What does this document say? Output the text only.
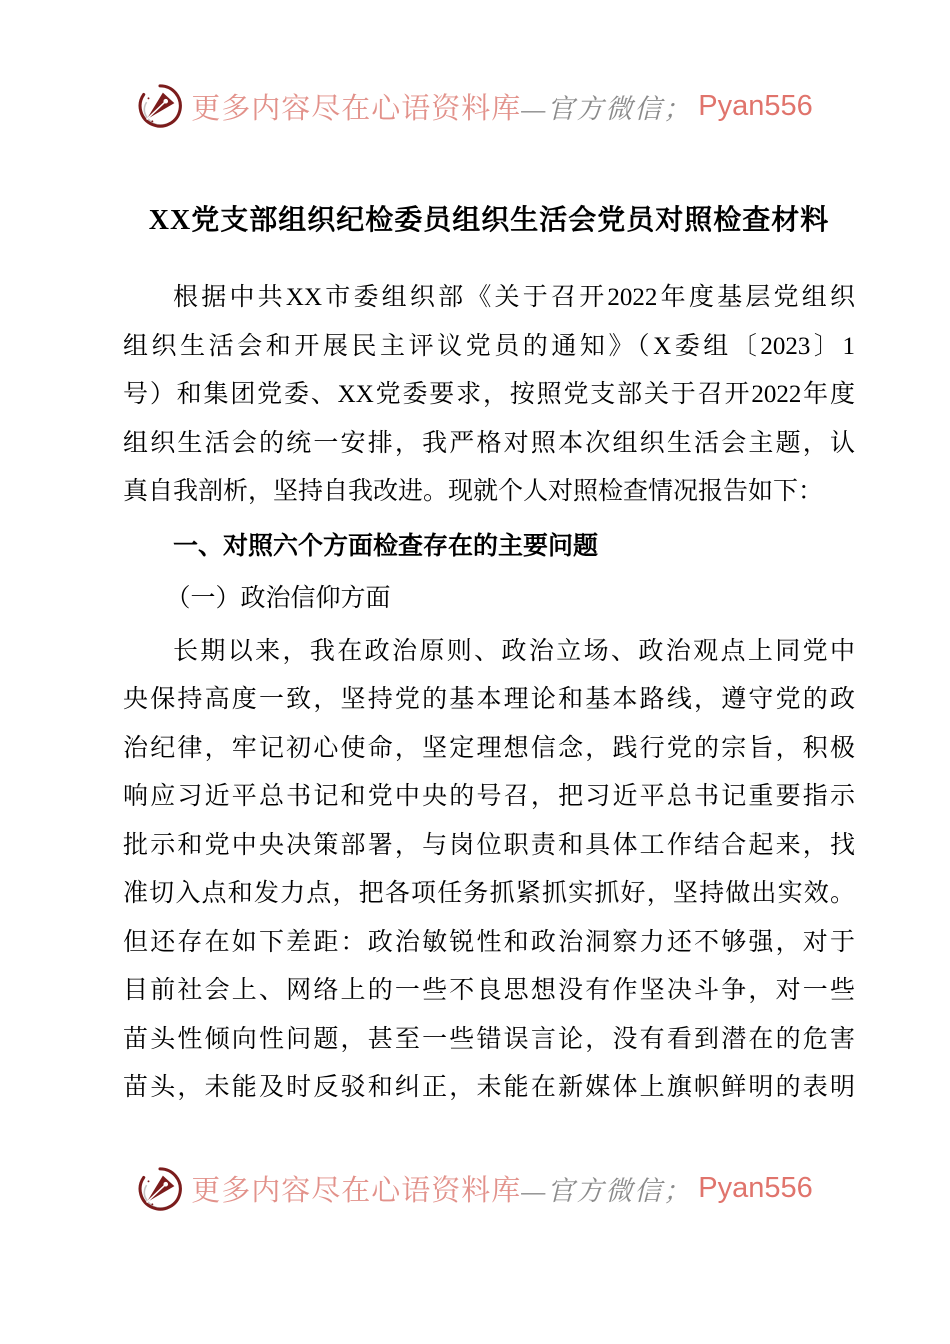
更多内容尽在心语资料库 —官方微信； Pyan556
XX党支部组织纪检委员组织生活会党员对照检查材料
根据中共XX市委组织部《关于召开2022年度基层党组织
组织生活会和开展民主评议党员的通知》（X委组〔2023〕1
号）和集团党委、XX党委要求，按照党支部关于召开2022年度
组织生活会的统一安排，我严格对照本次组织生活会主题，认
真自我剖析，坚持自我改进。现就个人对照检查情况报告如下：
一、对照六个方面检查存在的主要问题
（一）政治信仰方面
长期以来，我在政治原则、政治立场、政治观点上同党中
央保持高度一致，坚持党的基本理论和基本路线，遵守党的政
治纪律，牢记初心使命，坚定理想信念，践行党的宗旨，积极
响应习近平总书记和党中央的号召，把习近平总书记重要指示
批示和党中央决策部署，与岗位职责和具体工作结合起来，找
准切入点和发力点，把各项任务抓紧抓实抓好，坚持做出实效。
但还存在如下差距：政治敏锐性和政治洞察力还不够强，对于
目前社会上、网络上的一些不良思想没有作坚决斗争，对一些
苗头性倾向性问题，甚至一些错误言论，没有看到潜在的危害
苗头，未能及时反驳和纠正，未能在新媒体上旗帜鲜明的表明
更多内容尽在心语资料库 —官方微信； Pyan556
